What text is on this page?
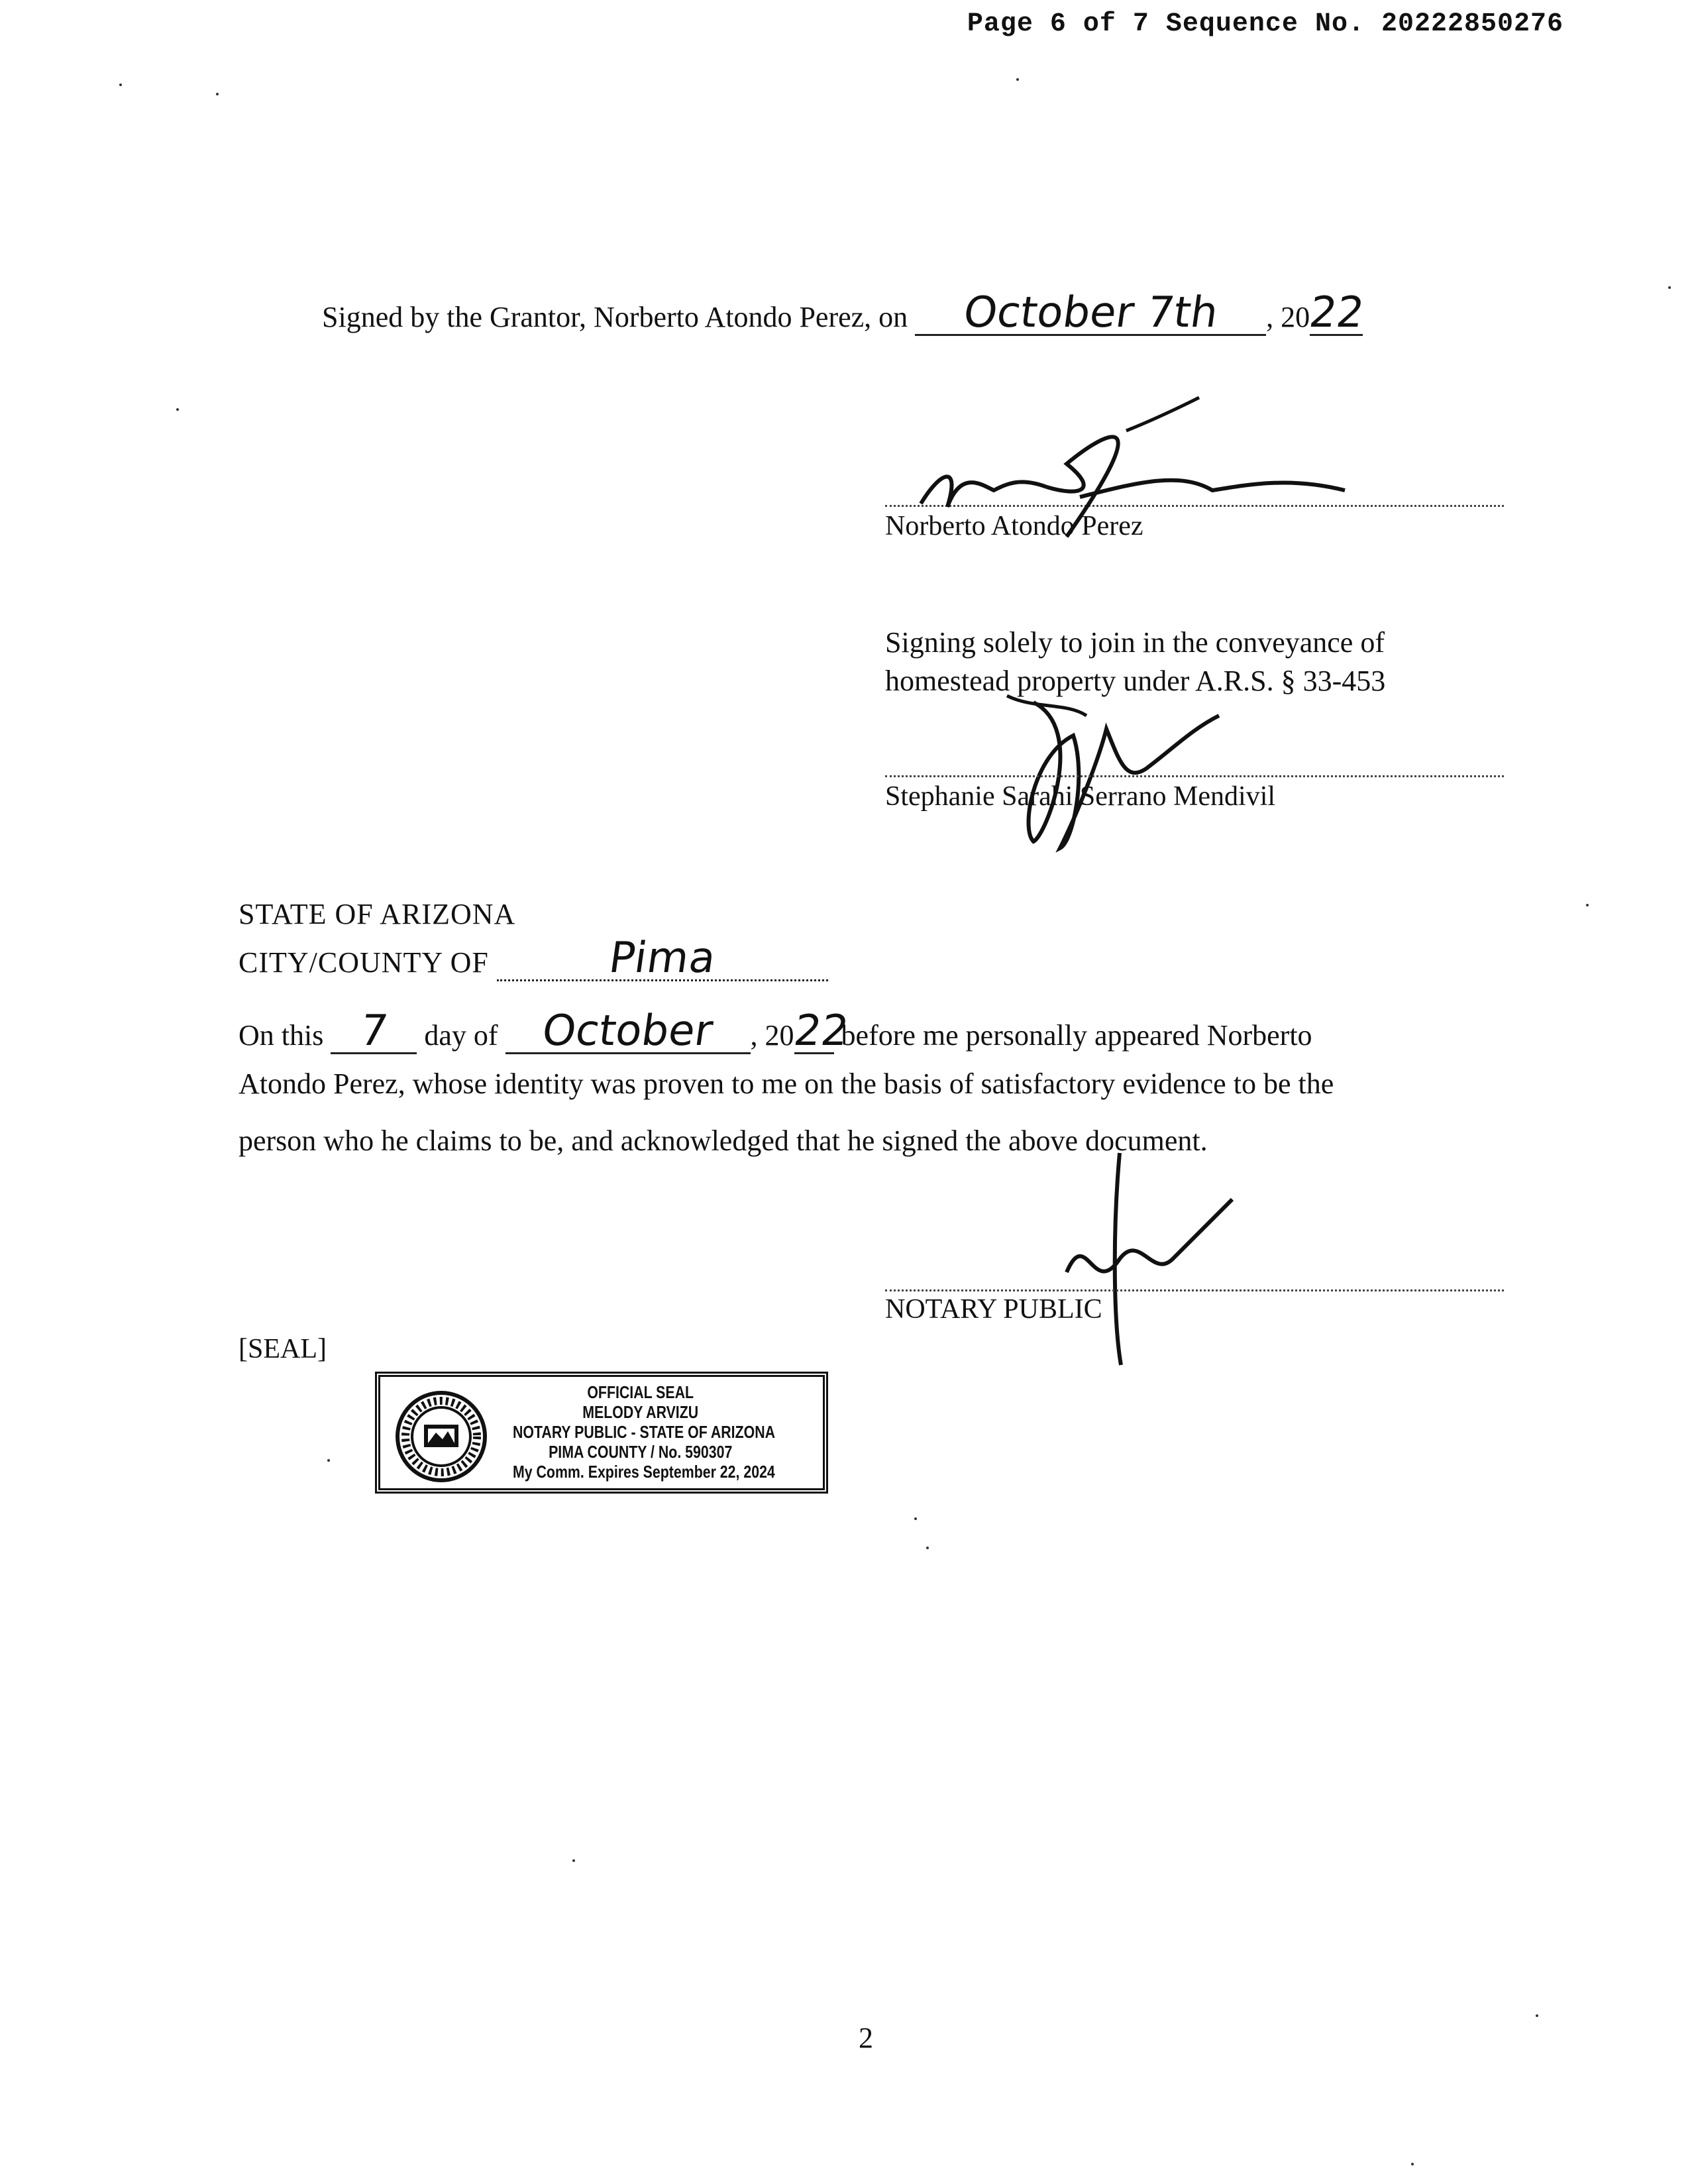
Page 6 of 7 Sequence No. 20222850276
Signed by the Grantor, Norberto Atondo Perez, on October 7th , 2022
Norberto Atondo Perez
Signing solely to join in the conveyance of
homestead property under A.R.S. § 33-453
Stephanie Sarahi Serrano Mendivil
STATE OF ARIZONA
CITY/COUNTY OF	Pima
On this 7 day of October , 2022 before me personally appeared Norberto
Atondo Perez, whose identity was proven to me on the basis of satisfactory evidence to be the
person who he claims to be, and acknowledged that he signed the above document.
NOTARY PUBLIC
[SEAL]
OFFICIAL SEAL
MELODY ARVIZU
NOTARY PUBLIC - STATE OF ARIZONA
PIMA COUNTY / No. 590307
My Comm. Expires September 22, 2024
2
